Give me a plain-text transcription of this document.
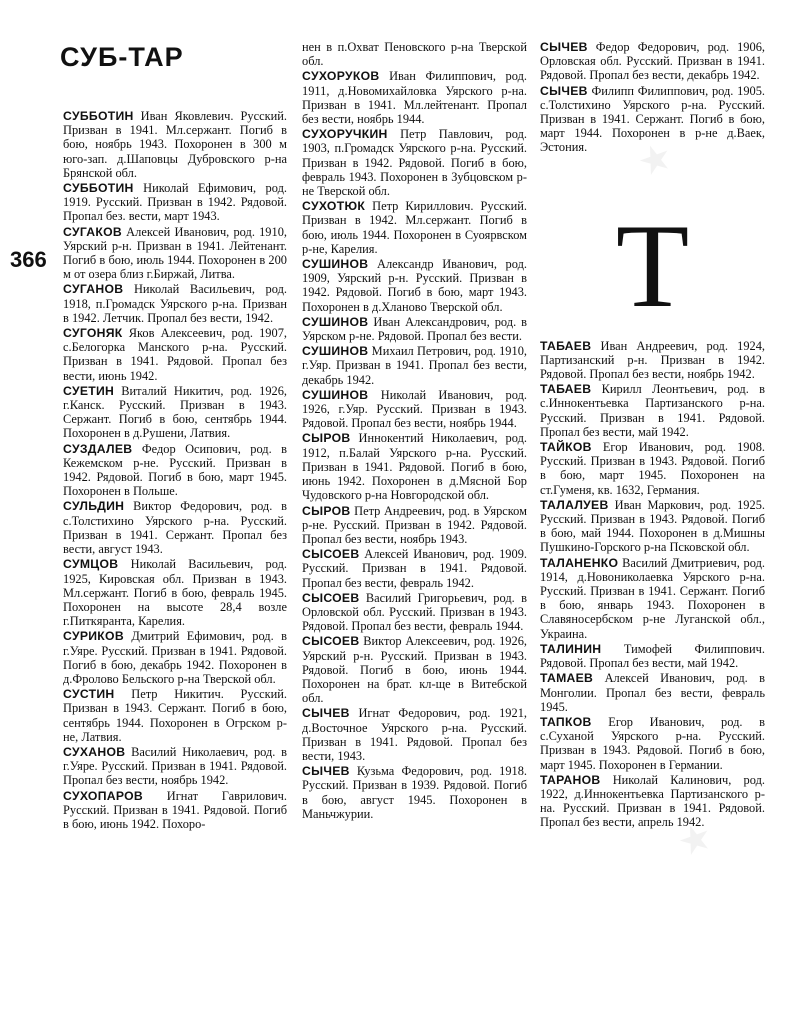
★
★
СУБ-ТАР
366

СУББОТИН Иван Яковлевич. Русский. Призван в 1941. Мл.сержант. Погиб в бою, ноябрь 1943. Похоронен в 300 м юго-зап. д.Шаповцы Дубровского р-на Брянской обл.

СУББОТИН Николай Ефимович, род. 1919. Русский. Призван в 1942. Рядовой. Пропал без. вести, март 1943.

СУГАКОВ Алексей Иванович, род. 1910, Уярский р-н. Призван в 1941. Лейтенант. Погиб в бою, июль 1944. Похоронен в 200 м от озера близ г.Биржай, Литва.

СУГАНОВ Николай Васильевич, род. 1918, п.Громадск Уярского р-на. Призван в 1942. Летчик. Пропал без вести, 1942.

СУГОНЯК Яков Алексеевич, род. 1907, с.Белогорка Манского р-на. Русский. Призван в 1941. Рядовой. Пропал без вести, июнь 1942.

СУЕТИН Виталий Никитич, род. 1926, г.Канск. Русский. Призван в 1943. Сержант. Погиб в бою, сентябрь 1944. Похоронен в д.Рушени, Латвия.

СУЗДАЛЕВ Федор Осипович, род. в Кежемском р-не. Русский. Призван в 1942. Рядовой. Погиб в бою, март 1945. Похоронен в Польше.

СУЛЬДИН Виктор Федорович, род. в с.Толстихино Уярского р-на. Русский. Призван в 1941. Сержант. Пропал без вести, август 1943.

СУМЦОВ Николай Васильевич, род. 1925, Кировская обл. Призван в 1943. Мл.сержант. Погиб в бою, февраль 1945. Похоронен на высоте 28,4 возле г.Питкяранта, Карелия.

СУРИКОВ Дмитрий Ефимович, род. в г.Уяре. Русский. Призван в 1941. Рядовой. Погиб в бою, декабрь 1942. Похоронен в д.Фролово Бельского р-на Тверской обл.

СУСТИН Петр Никитич. Русский. Призван в 1943. Сержант. Погиб в бою, сентябрь 1944. Похоронен в Огрском р-не, Латвия.

СУХАНОВ Василий Николаевич, род. в г.Уяре. Русский. Призван в 1941. Рядовой. Пропал без вести, ноябрь 1942.

СУХОПАРОВ Игнат Гаврилович. Русский. Призван в 1941. Рядовой. Погиб в бою, июнь 1942. Похоро-

нен в п.Охват Пеновского р-на Тверской обл.

СУХОРУКОВ Иван Филиппович, род. 1911, д.Новомихайловка Уярского р-на. Призван в 1941. Мл.лейтенант. Пропал без вести, ноябрь 1944.

СУХОРУЧКИН Петр Павлович, род. 1903, п.Громадск Уярского р-на. Русский. Призван в 1942. Рядовой. Погиб в бою, февраль 1943. Похоронен в Зубцовском р-не Тверской обл.

СУХОТЮК Петр Кириллович. Русский. Призван в 1942. Мл.сержант. Погиб в бою, июль 1944. Похоронен в Суоярвском р-не, Карелия.

СУШИНОВ Александр Иванович, род. 1909, Уярский р-н. Русский. Призван в 1942. Рядовой. Погиб в бою, март 1943. Похоронен в д.Хланово Тверской обл.

СУШИНОВ Иван Александрович, род. в Уярском р-не. Рядовой. Пропал без вести.

СУШИНОВ Михаил Петрович, род. 1910, г.Уяр. Призван в 1941. Пропал без вести, декабрь 1942.

СУШИНОВ Николай Иванович, род. 1926, г.Уяр. Русский. Призван в 1943. Рядовой. Пропал без вести, ноябрь 1944.

СЫРОВ Иннокентий Николаевич, род. 1912, п.Балай Уярского р-на. Русский. Призван в 1941. Рядовой. Погиб в бою, июнь 1942. Похоронен в д.Мясной Бор Чудовского р-на Новгородской обл.

СЫРОВ Петр Андреевич, род. в Уярском р-не. Русский. Призван в 1942. Рядовой. Пропал без вести, ноябрь 1943.

СЫСОЕВ Алексей Иванович, род. 1909. Русский. Призван в 1941. Рядовой. Пропал без вести, февраль 1942.

СЫСОЕВ Василий Григорьевич, род. в Орловской обл. Русский. Призван в 1943. Рядовой. Пропал без вести, февраль 1944.

СЫСОЕВ Виктор Алексеевич, род. 1926, Уярский р-н. Русский. Призван в 1943. Рядовой. Погиб в бою, июнь 1944. Похоронен на брат. кл-ще в Витебской обл.

СЫЧЕВ Игнат Федорович, род. 1921, д.Восточное Уярского р-на. Русский. Призван в 1941. Рядовой. Пропал без вести, 1943.

СЫЧЕВ Кузьма Федорович, род. 1918. Русский. Призван в 1939. Рядовой. Погиб в бою, август 1945. Похоронен в Маньчжурии.

СЫЧЕВ Федор Федорович, род. 1906, Орловская обл. Русский. Призван в 1941. Рядовой. Пропал без вести, декабрь 1942.

СЫЧЕВ Филипп Филиппович, род. 1905. с.Толстихино Уярского р-на. Русский. Призван в 1941. Сержант. Погиб в бою, март 1944. Похоронен в р-не д.Ваек, Эстония.

Т

ТАБАЕВ Иван Андреевич, род. 1924, Партизанский р-н. Призван в 1942. Рядовой. Пропал без вести, ноябрь 1942.

ТАБАЕВ Кирилл Леонтьевич, род. в с.Иннокентьевка Партизанского р-на. Русский. Призван в 1941. Рядовой. Пропал без вести, май 1942.

ТАЙКОВ Егор Иванович, род. 1908. Русский. Призван в 1943. Рядовой. Погиб в бою, март 1945. Похоронен на ст.Гуменя, кв. 1632, Германия.

ТАЛАЛУЕВ Иван Маркович, род. 1925. Русский. Призван в 1943. Рядовой. Погиб в бою, май 1944. Похоронен в д.Мишны Пушкино-Горского р-на Псковской обл.

ТАЛАНЕНКО Василий Дмитриевич, род. 1914, д.Новониколаевка Уярского р-на. Русский. Призван в 1941. Сержант. Погиб в бою, январь 1943. Похоронен в Славяносербском р-не Луганской обл., Украина.

ТАЛИНИН Тимофей Филиппович. Рядовой. Пропал без вести, май 1942.

ТАМАЕВ Алексей Иванович, род. в Монголии. Пропал без вести, февраль 1945.

ТАПКОВ Егор Иванович, род. в с.Суханой Уярского р-на. Русский. Призван в 1943. Рядовой. Погиб в бою, март 1945. Похоронен в Германии.

ТАРАНОВ Николай Калинович, род. 1922, д.Иннокентьевка Партизанского р-на. Русский. Призван в 1941. Рядовой. Пропал без вести, апрель 1942.
